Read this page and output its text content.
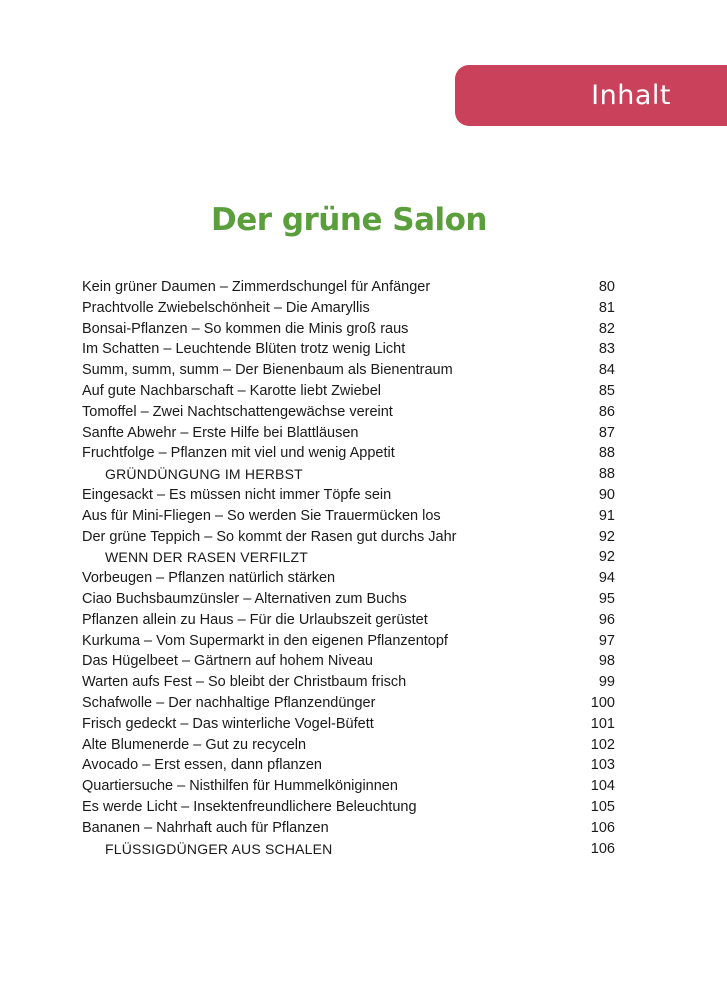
Inhalt
Der grüne Salon
Kein grüner Daumen – Zimmerdschungel für Anfänger	80
Prachtvolle Zwiebelschönheit – Die Amaryllis	81
Bonsai-Pflanzen – So kommen die Minis groß raus	82
Im Schatten – Leuchtende Blüten trotz wenig Licht	83
Summ, summ, summ – Der Bienenbaum als Bienentraum	84
Auf gute Nachbarschaft – Karotte liebt Zwiebel	85
Tomoffel – Zwei Nachtschattengewächse vereint	86
Sanfte Abwehr – Erste Hilfe bei Blattläusen	87
Fruchtfolge – Pflanzen mit viel und wenig Appetit	88
GRÜNDÜNGUNG IM HERBST	88
Eingesackt – Es müssen nicht immer Töpfe sein	90
Aus für Mini-Fliegen – So werden Sie Trauermücken los	91
Der grüne Teppich – So kommt der Rasen gut durchs Jahr	92
WENN DER RASEN VERFILZT	92
Vorbeugen – Pflanzen natürlich stärken	94
Ciao Buchsbaumzünsler – Alternativen zum Buchs	95
Pflanzen allein zu Haus – Für die Urlaubszeit gerüstet	96
Kurkuma – Vom Supermarkt in den eigenen Pflanzentopf	97
Das Hügelbeet – Gärtnern auf hohem Niveau	98
Warten aufs Fest – So bleibt der Christbaum frisch	99
Schafwolle – Der nachhaltige Pflanzendünger	100
Frisch gedeckt – Das winterliche Vogel-Büfett	101
Alte Blumenerde – Gut zu recyceln	102
Avocado – Erst essen, dann pflanzen	103
Quartiersuche – Nisthilfen für Hummelköniginnen	104
Es werde Licht – Insektenfreundlichere Beleuchtung	105
Bananen – Nahrhaft auch für Pflanzen	106
FLÜSSIGDÜNGER AUS SCHALEN	106
